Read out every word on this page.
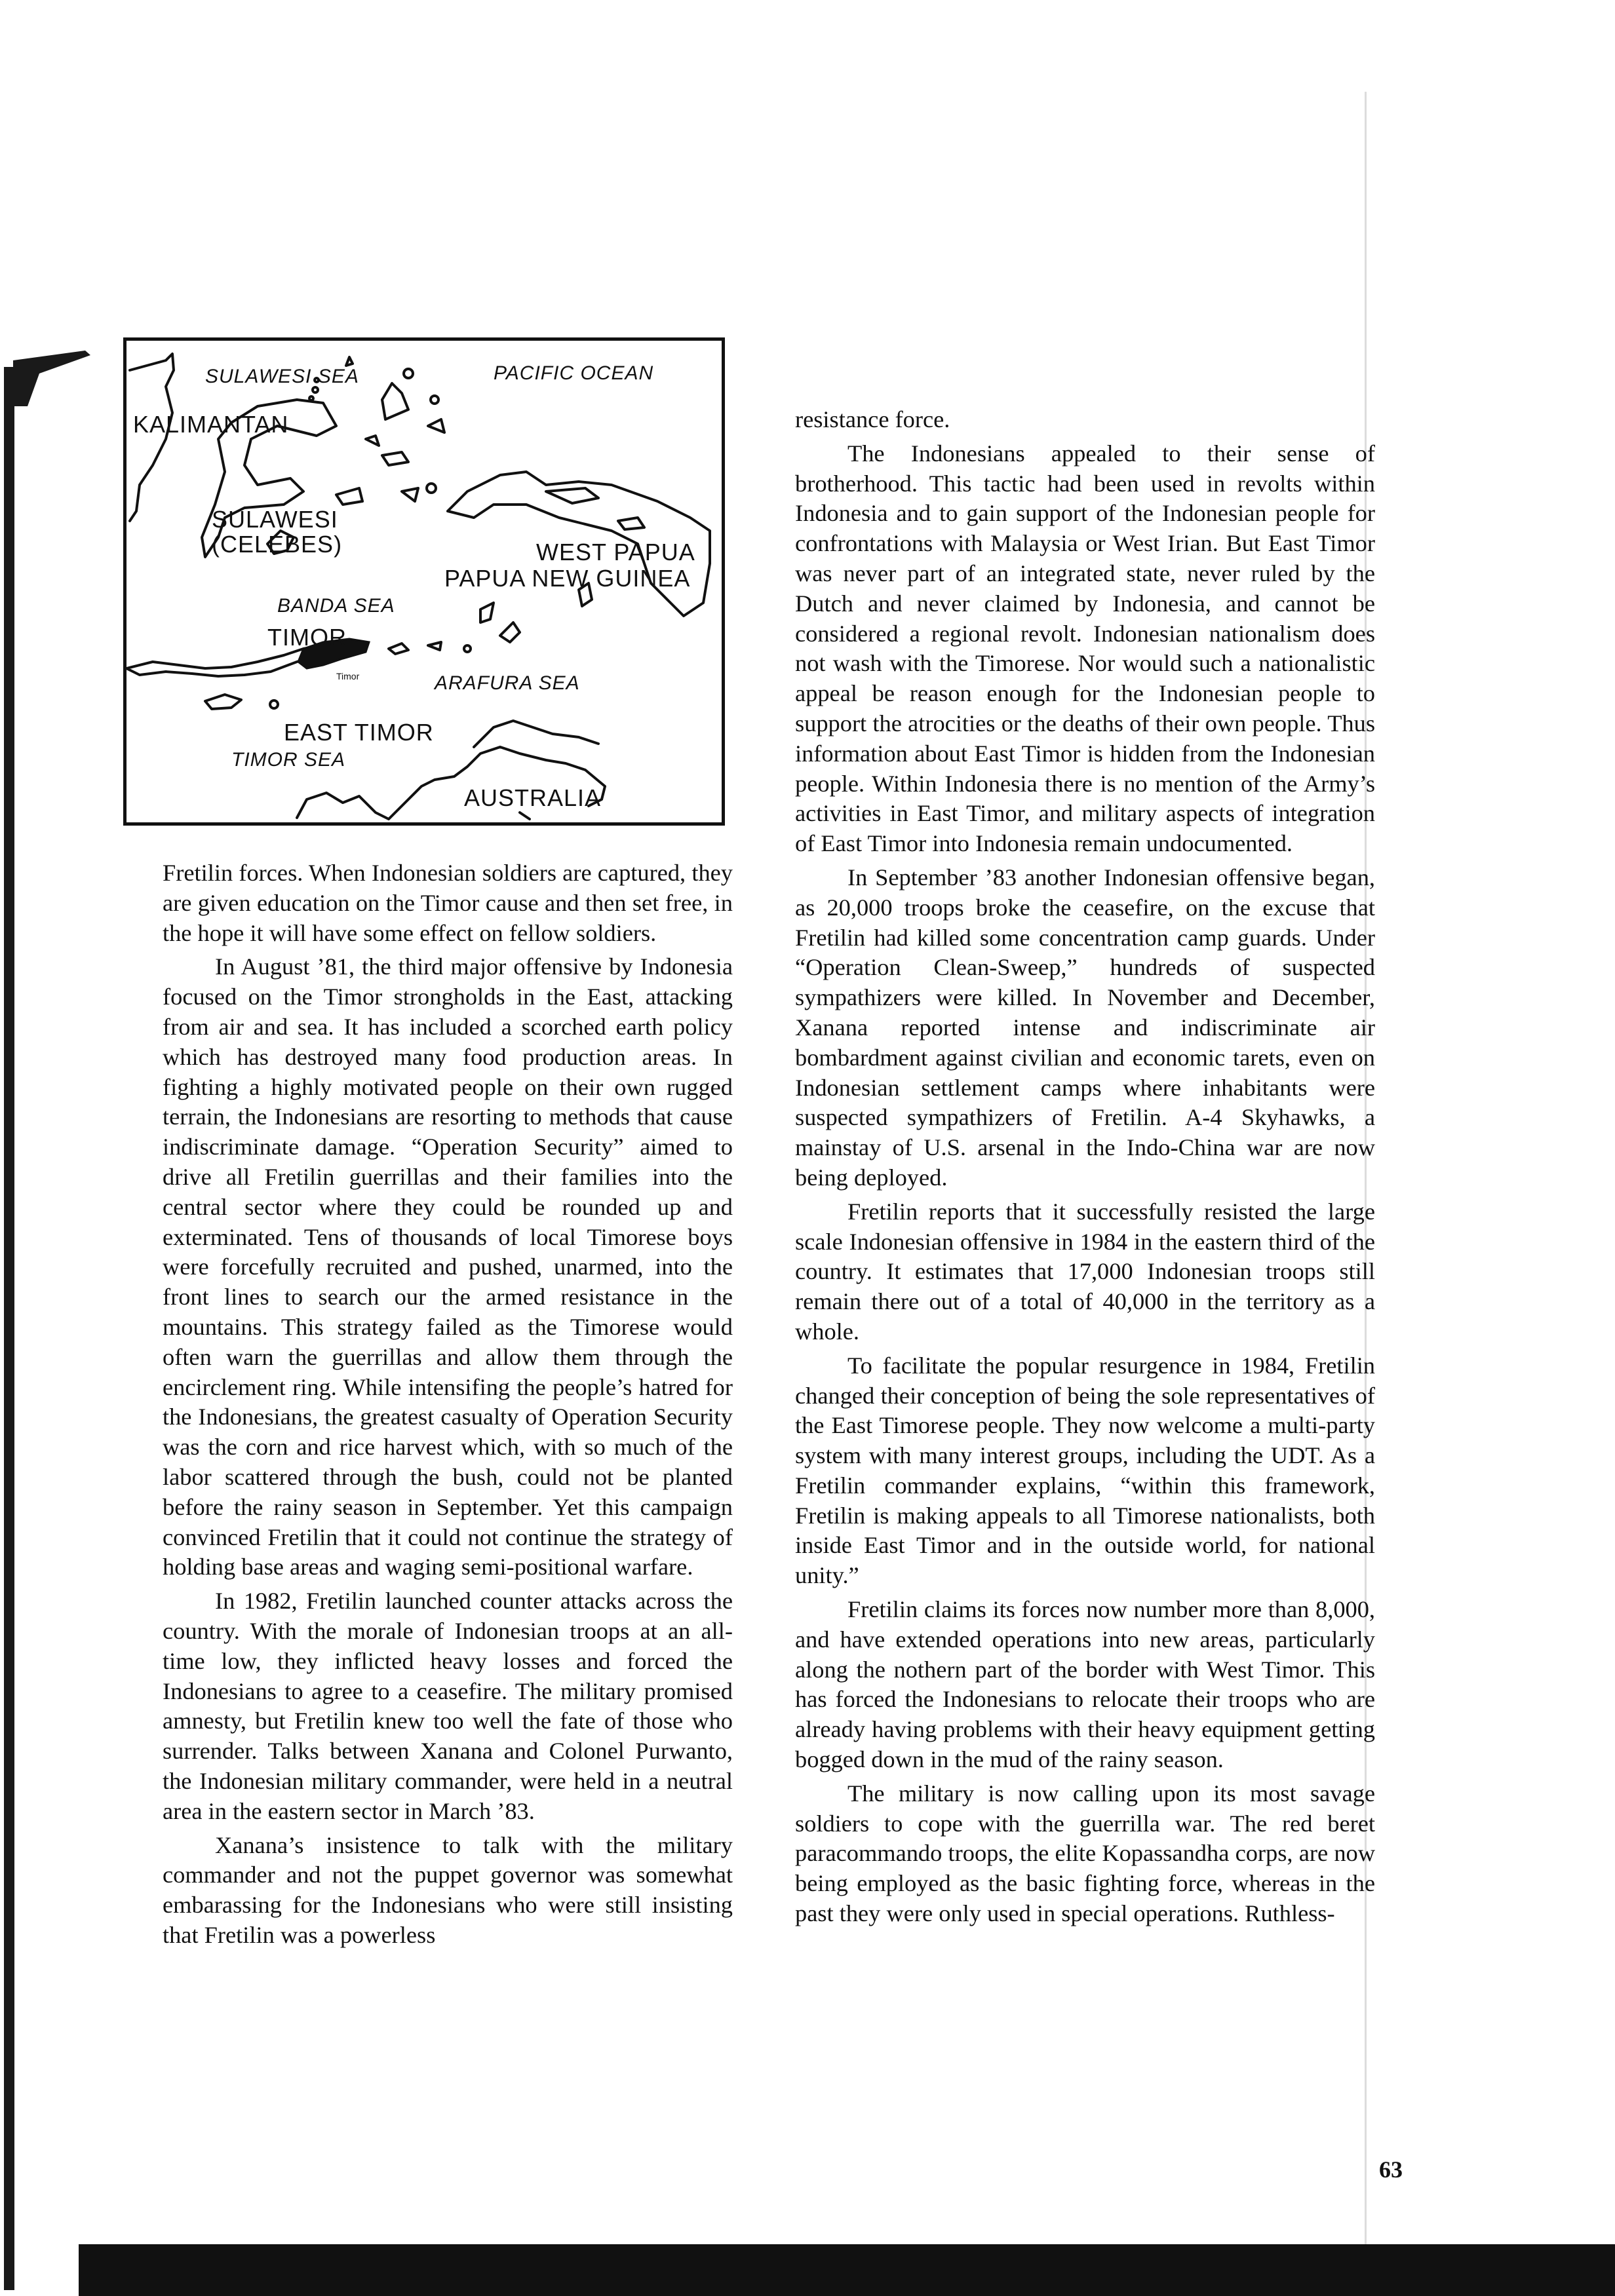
SULAWESI SEA	PACIFIC OCEAN
KALIMANTAN
SULAWESI
(CELEBES)	WEST PAPUA
PAPUA NEW GUINEA
BANDA SEA
TIMOR
Timor	ARAFURA SEA
EAST TIMOR
TIMOR SEA
AUSTRALIA

Fretilin forces. When Indonesian soldiers are captured, they are given education on the Timor cause and then set free, in the hope it will have some effect on fellow soldiers.

In August ’81, the third major offensive by Indonesia focused on the Timor strongholds in the East, attacking from air and sea. It has included a scorched earth policy which has destroyed many food production areas. In fighting a highly motivated people on their own rugged terrain, the Indonesians are resorting to methods that cause indiscriminate damage. “Operation Security” aimed to drive all Fretilin guerrillas and their families into the central sector where they could be rounded up and exterminated. Tens of thousands of local Timorese boys were forcefully recruited and pushed, unarmed, into the front lines to search our the armed resistance in the mountains. This strategy failed as the Timorese would often warn the guerrillas and allow them through the encirclement ring. While intensifing the people’s hatred for the Indonesians, the greatest casualty of Operation Security was the corn and rice harvest which, with so much of the labor scattered through the bush, could not be planted before the rainy season in September. Yet this campaign convinced Fretilin that it could not continue the strategy of holding base areas and waging semi-positional warfare.

In 1982, Fretilin launched counter attacks across the country. With the morale of Indonesian troops at an all-time low, they inflicted heavy losses and forced the Indonesians to agree to a ceasefire. The military promised amnesty, but Fretilin knew too well the fate of those who surrender. Talks between Xanana and Colonel Purwanto, the Indonesian military commander, were held in a neutral area in the eastern sector in March ’83.

Xanana’s insistence to talk with the military commander and not the puppet governor was somewhat embarassing for the Indonesians who were still insisting that Fretilin was a powerless

resistance force.

The Indonesians appealed to their sense of brotherhood. This tactic had been used in revolts within Indonesia and to gain support of the Indonesian people for confrontations with Malaysia or West Irian. But East Timor was never part of an integrated state, never ruled by the Dutch and never claimed by Indonesia, and cannot be considered a regional revolt. Indonesian nationalism does not wash with the Timorese. Nor would such a nationalistic appeal be reason enough for the Indonesian people to support the atrocities or the deaths of their own people. Thus information about East Timor is hidden from the Indonesian people. Within Indonesia there is no mention of the Army’s activities in East Timor, and military aspects of integration of East Timor into Indonesia remain undocumented.

In September ’83 another Indonesian offensive began, as 20,000 troops broke the ceasefire, on the excuse that Fretilin had killed some concentration camp guards. Under “Operation Clean-Sweep,” hundreds of suspected sympathizers were killed. In November and December, Xanana reported intense and indiscriminate air bombardment against civilian and economic tarets, even on Indonesian settlement camps where inhabitants were suspected sympathizers of Fretilin. A-4 Skyhawks, a mainstay of U.S. arsenal in the Indo-China war are now being deployed.

Fretilin reports that it successfully resisted the large scale Indonesian offensive in 1984 in the eastern third of the country. It estimates that 17,000 Indonesian troops still remain there out of a total of 40,000 in the territory as a whole.

To facilitate the popular resurgence in 1984, Fretilin changed their conception of being the sole representatives of the East Timorese people. They now welcome a multi-party system with many interest groups, including the UDT. As a Fretilin commander explains, “within this framework, Fretilin is making appeals to all Timorese nationalists, both inside East Timor and in the outside world, for national unity.”

Fretilin claims its forces now number more than 8,000, and have extended operations into new areas, particularly along the nothern part of the border with West Timor. This has forced the Indonesians to relocate their troops who are already having problems with their heavy equipment getting bogged down in the mud of the rainy season.

The military is now calling upon its most savage soldiers to cope with the guerrilla war. The red beret paracommando troops, the elite Kopassandha corps, are now being employed as the basic fighting force, whereas in the past they were only used in special operations. Ruthless-

63
